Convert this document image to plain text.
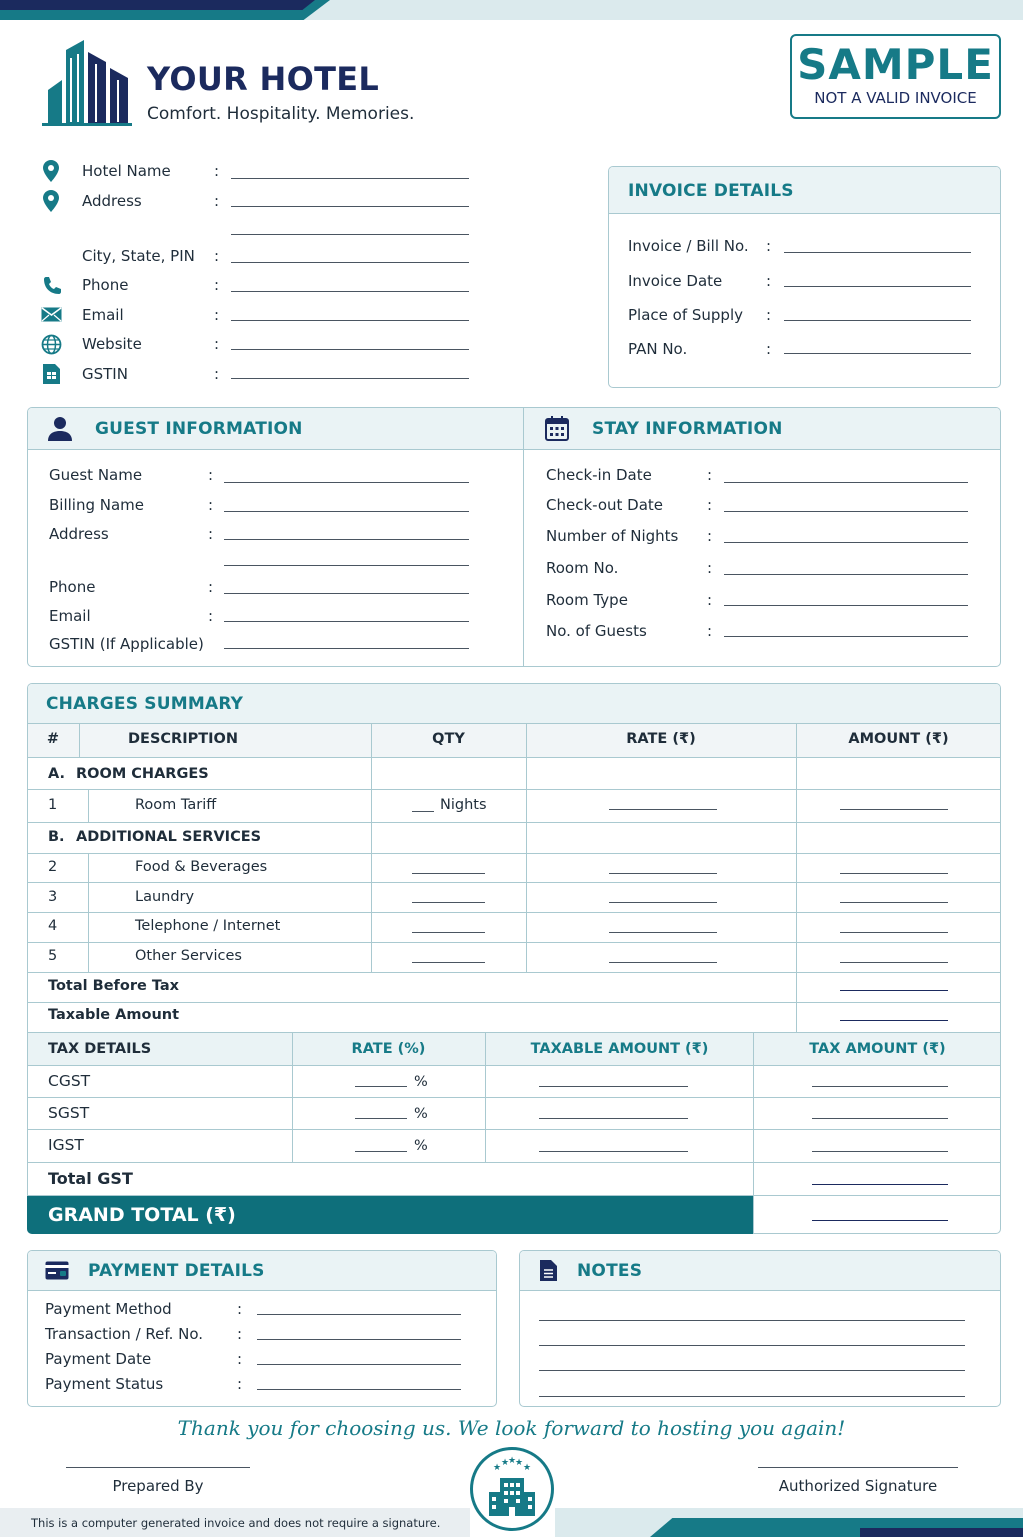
YOUR HOTEL
Comfort. Hospitality. Memories.
SAMPLE
NOT A VALID INVOICE
Hotel Name	:
Address	:
City, State, PIN :
Phone	:
Email	:
Website	:
GSTIN	:
INVOICE DETAILS
Invoice / Bill No. :
Invoice Date	:
Place of Supply :
PAN No.	:
GUEST INFORMATION	STAY INFORMATION
Guest Name	:
Billing Name	:
Address	:
Phone	:
Email	:
GSTIN (If Applicable)
Check-in Date	:
Check-out Date	:
Number of Nights :
Room No.	:
Room Type	:
No. of Guests	:
CHARGES SUMMARY
#	DESCRIPTION	QTY	RATE (₹)	AMOUNT (₹)
A. ROOM CHARGES
1	Room Tariff	Nights
B. ADDITIONAL SERVICES
2	Food & Beverages
3	Laundry
4	Telephone / Internet
5	Other Services
Total Before Tax
Taxable Amount
TAX DETAILS	RATE (%)	TAXABLE AMOUNT (₹)	TAX AMOUNT (₹)
CGST	%
SGST	%
IGST	%
Total GST
GRAND TOTAL (₹)
PAYMENT DETAILS
Payment Method	:
Transaction / Ref. No. :
Payment Date	:
Payment Status	:
NOTES
Thank you for choosing us. We look forward to hosting you again!
Prepared By	Authorized Signature
★ ★
★
★ ★
This is a computer generated invoice and does not require a signature.
